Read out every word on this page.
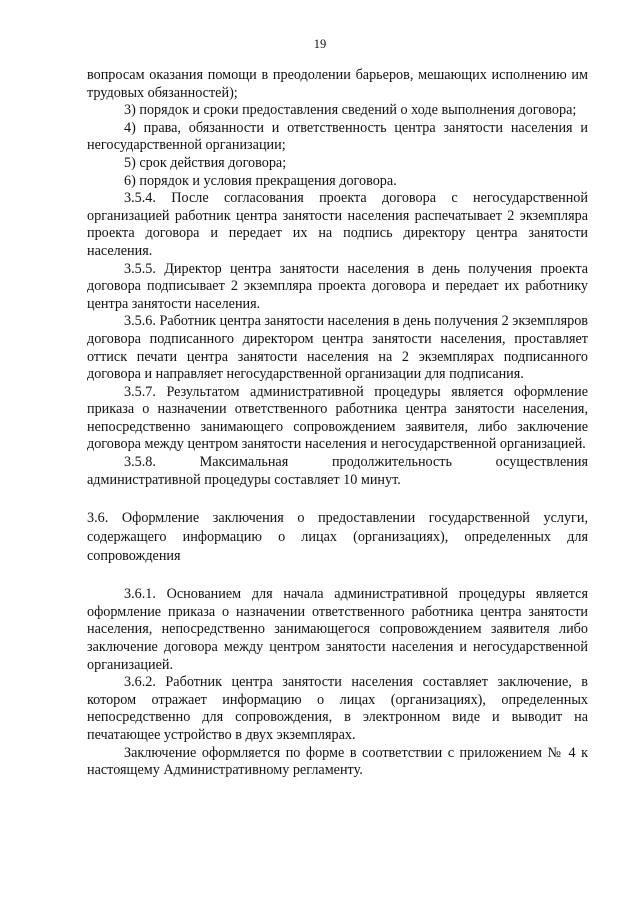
19

вопросам оказания помощи в преодолении барьеров, мешающих исполнению им трудовых обязанностей);

3) порядок и сроки предоставления сведений о ходе выполнения договора;

4) права, обязанности и ответственность центра занятости населения и негосударственной организации;

5) срок действия договора;

6) порядок и условия прекращения договора.

3.5.4. После согласования проекта договора с негосударственной организацией работник центра занятости населения распечатывает 2 экземпляра проекта договора и передает их на подпись директору центра занятости населения.

3.5.5. Директор центра занятости населения в день получения проекта договора подписывает 2 экземпляра проекта договора и передает их работнику центра занятости населения.

3.5.6. Работник центра занятости населения в день получения 2 экземпляров договора подписанного директором центра занятости населения, проставляет оттиск печати центра занятости населения на 2 экземплярах подписанного договора и направляет негосударственной организации для подписания.

3.5.7. Результатом административной процедуры является оформление приказа о назначении ответственного работника центра занятости населения, непосредственно занимающего сопровождением заявителя, либо заключение договора между центром занятости населения и негосударственной организацией.

3.5.8.	Максимальная	продолжительность	осуществления

административной процедуры составляет 10 минут.

3.6. Оформление заключения о предоставлении государственной услуги, содержащего информацию о лицах (организациях), определенных для сопровождения

3.6.1. Основанием для начала административной процедуры является оформление приказа о назначении ответственного работника центра занятости населения, непосредственно занимающегося сопровождением заявителя либо заключение договора между центром занятости населения и негосударственной организацией.

3.6.2. Работник центра занятости населения составляет заключение, в котором отражает информацию о лицах (организациях), определенных непосредственно для сопровождения, в электронном виде и выводит на печатающее устройство в двух экземплярах.

Заключение оформляется по форме в соответствии с приложением № 4 к настоящему Административному регламенту.
